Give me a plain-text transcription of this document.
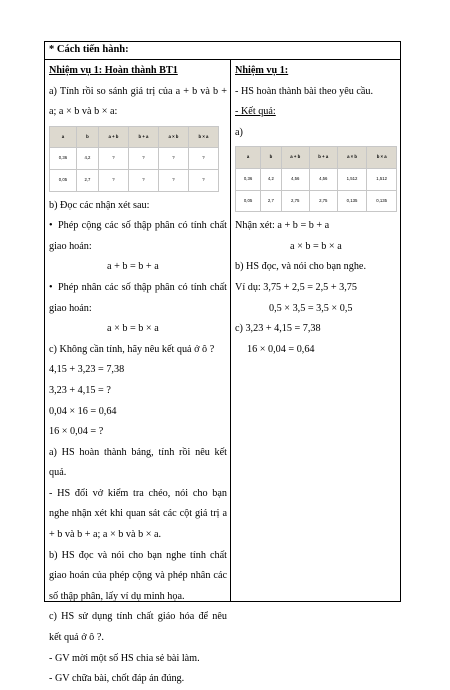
* Cách tiến hành:

Nhiệm vụ 1: Hoàn thành BT1

a) Tính rồi so sánh giá trị của a + b và b + a; a × b và b × a:

a	b	a + b	b + a	a × b	b × a
0,36	4,2	?	?	?	?
0,05	2,7	?	?	?	?

b) Đọc các nhận xét sau:

• Phép cộng các số thập phân có tính chất giao hoán:

a + b = b + a

• Phép nhân các số thập phân có tính chất giao hoán:

a × b = b × a

c) Không cần tính, hãy nêu kết quả ở ô ?

4,15 + 3,23 = 7,38

3,23 + 4,15 = ?

0,04 × 16 = 0,64

16 × 0,04 = ?

a) HS hoàn thành bảng, tính rồi nêu kết quả.

- HS đổi vở kiểm tra chéo, nói cho bạn nghe nhận xét khi quan sát các cột giá trị a + b và b + a; a × b và b × a.

b) HS đọc và nói cho bạn nghe tính chất giao hoán của phép cộng và phép nhân các số thập phân, lấy ví dụ minh họa.

c) HS sử dụng tính chất giáo hóa để nêu kết quả ở ô ?.

- GV mời một số HS chia sẻ bài làm.

- GV chữa bài, chốt đáp án đúng.

Nhiệm vụ 1:

- HS hoàn thành bài theo yêu cầu.

- Kết quả:

a)

a	b	a + b	b + a	a × b	b × a
0,36	4,2	4,56	4,56	1,512	1,512
0,05	2,7	2,75	2,75	0,135	0,135

Nhận xét: a + b = b + a

a × b = b × a

b) HS đọc, và nói cho bạn nghe.

Ví dụ: 3,75 + 2,5 = 2,5 + 3,75

0,5 × 3,5 = 3,5 × 0,5

c) 3,23 + 4,15 = 7,38

16 × 0,04 = 0,64
